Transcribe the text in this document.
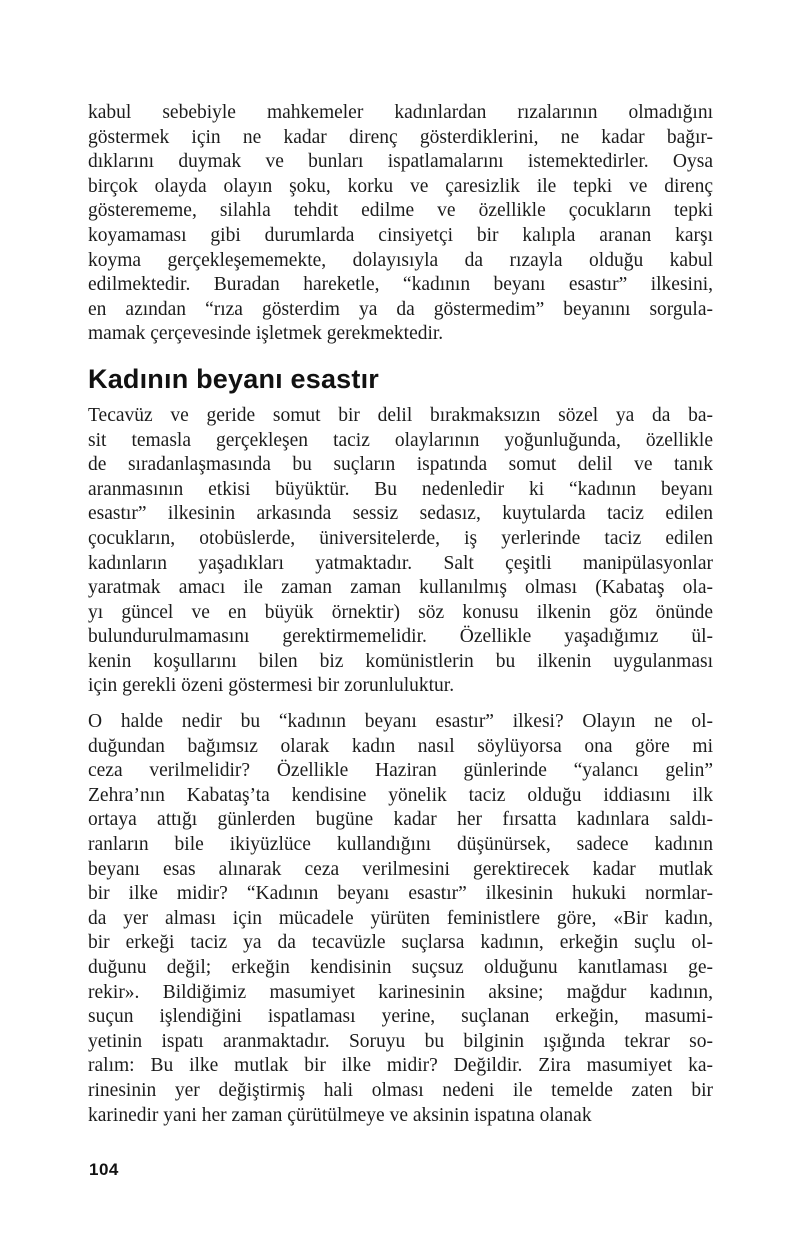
kabul sebebiyle mahkemeler kadınlardan rızalarının olmadığını
göstermek için ne kadar direnç gösterdiklerini, ne kadar bağır-
dıklarını duymak ve bunları ispatlamalarını istemektedirler. Oysa
birçok olayda olayın şoku, korku ve çaresizlik ile tepki ve direnç
gösterememe, silahla tehdit edilme ve özellikle çocukların tepki
koyamaması gibi durumlarda cinsiyetçi bir kalıpla aranan karşı
koyma gerçekleşememekte, dolayısıyla da rızayla olduğu kabul
edilmektedir. Buradan hareketle, “kadının beyanı esastır” ilkesini,
en azından “rıza gösterdim ya da göstermedim” beyanını sorgula-
mamak çerçevesinde işletmek gerekmektedir.
Kadının beyanı esastır
Tecavüz ve geride somut bir delil bırakmaksızın sözel ya da ba-
sit temasla gerçekleşen taciz olaylarının yoğunluğunda, özellikle
de sıradanlaşmasında bu suçların ispatında somut delil ve tanık
aranmasının etkisi büyüktür. Bu nedenledir ki “kadının beyanı
esastır” ilkesinin arkasında sessiz sedasız, kuytularda taciz edilen
çocukların, otobüslerde, üniversitelerde, iş yerlerinde taciz edilen
kadınların yaşadıkları yatmaktadır. Salt çeşitli manipülasyonlar
yaratmak amacı ile zaman zaman kullanılmış olması (Kabataş ola-
yı güncel ve en büyük örnektir) söz konusu ilkenin göz önünde
bulundurulmamasını gerektirmemelidir. Özellikle yaşadığımız ül-
kenin koşullarını bilen biz komünistlerin bu ilkenin uygulanması
için gerekli özeni göstermesi bir zorunluluktur.
O halde nedir bu “kadının beyanı esastır” ilkesi? Olayın ne ol-
duğundan bağımsız olarak kadın nasıl söylüyorsa ona göre mi
ceza verilmelidir? Özellikle Haziran günlerinde “yalancı gelin”
Zehra’nın Kabataş’ta kendisine yönelik taciz olduğu iddiasını ilk
ortaya attığı günlerden bugüne kadar her fırsatta kadınlara saldı-
ranların bile ikiyüzlüce kullandığını düşünürsek, sadece kadının
beyanı esas alınarak ceza verilmesini gerektirecek kadar mutlak
bir ilke midir? “Kadının beyanı esastır” ilkesinin hukuki normlar-
da yer alması için mücadele yürüten feministlere göre, «Bir kadın,
bir erkeği taciz ya da tecavüzle suçlarsa kadının, erkeğin suçlu ol-
duğunu değil; erkeğin kendisinin suçsuz olduğunu kanıtlaması ge-
rekir». Bildiğimiz masumiyet karinesinin aksine; mağdur kadının,
suçun işlendiğini ispatlaması yerine, suçlanan erkeğin, masumi-
yetinin ispatı aranmaktadır. Soruyu bu bilginin ışığında tekrar so-
ralım: Bu ilke mutlak bir ilke midir? Değildir. Zira masumiyet ka-
rinesinin yer değiştirmiş hali olması nedeni ile temelde zaten bir
karinedir yani her zaman çürütülmeye ve aksinin ispatına olanak
104
